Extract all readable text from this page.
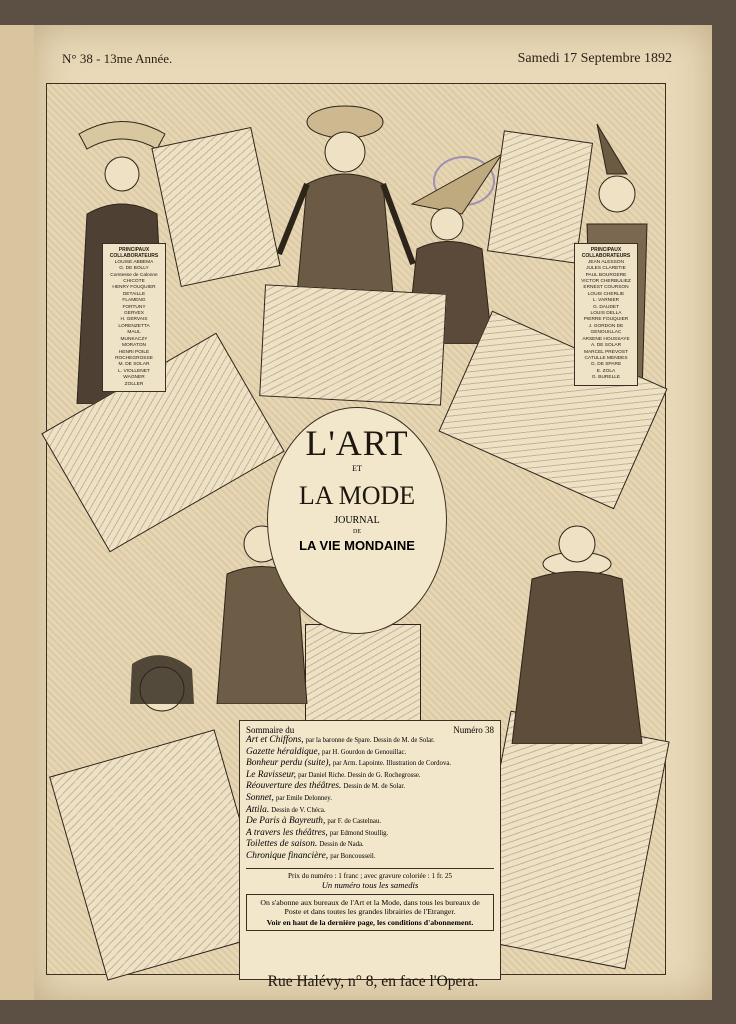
N° 38 - 13me Année.	Samedi 17 Septembre 1892
PRINCIPAUX COLLABORATEURS
LOUISE ABBEMA
G. DE BOLLY
Comtesse de Calonne
CHICOTE
HENRY FOUQUIER
DETAILLE
FLAMENG
FORTUNY
GERVEX
H. GERVAIS
LORENZETTA
MAUL
MUNKACZY
MORATON
HENRI POILE
ROCHEGROSSE
M. DE SOLAR
L. VIOLLENET
WAGNER
ZOLLER
PRINCIPAUX COLLABORATEURS
JEAN ALESSON
JULES CLARETIE
PAUL BOURGERE
VICTOR CHERBULIEZ
ERNEST COURSON
LOUIS CHERLIE
L. VARNIER
G. DAUDET
LOUIS DELLA
PIERRE FOUQUIER
J. GORDON DE GENOUILLAC
ARSENE HOUSSAYE
A. DE SOLAR
MARCEL PREVOST
CATULLE MENDES
G. DE SPARE
E. ZOLA
G. BURELLE
L'ART
ET
LA MODE
JOURNAL
DE
LA VIE MONDAINE
Sommaire du	Numéro 38
Art et Chiffons, par la baronne de Spare. Dessin de M. de Solar.
Gazette héraldique, par H. Gourdon de Genouillac.
Bonheur perdu (suite), par Arm. Lapointe. Illustration de Cordova.
Le Ravisseur, par Daniel Riche. Dessin de G. Rochegrosse.
Réouverture des théâtres. Dessin de M. de Solar.
Sonnet, par Emile Delonney.
Attila. Dessin de V. Chéca.
De Paris à Bayreuth, par F. de Castelnau.
A travers les théâtres, par Edmond Stoullig.
Toilettes de saison. Dessin de Nada.
Chronique financière, par Boncousseil.
Prix du numéro : 1 franc ; avec gravure coloriée : 1 fr. 25
Un numéro tous les samedis
On s'abonne aux bureaux de l'Art et la Mode, dans tous les bureaux de Poste et dans toutes les grandes librairies de l'Etranger.
Voir en haut de la dernière page, les conditions d'abonnement.
Rue Halévy, n° 8, en face l'Opera.
